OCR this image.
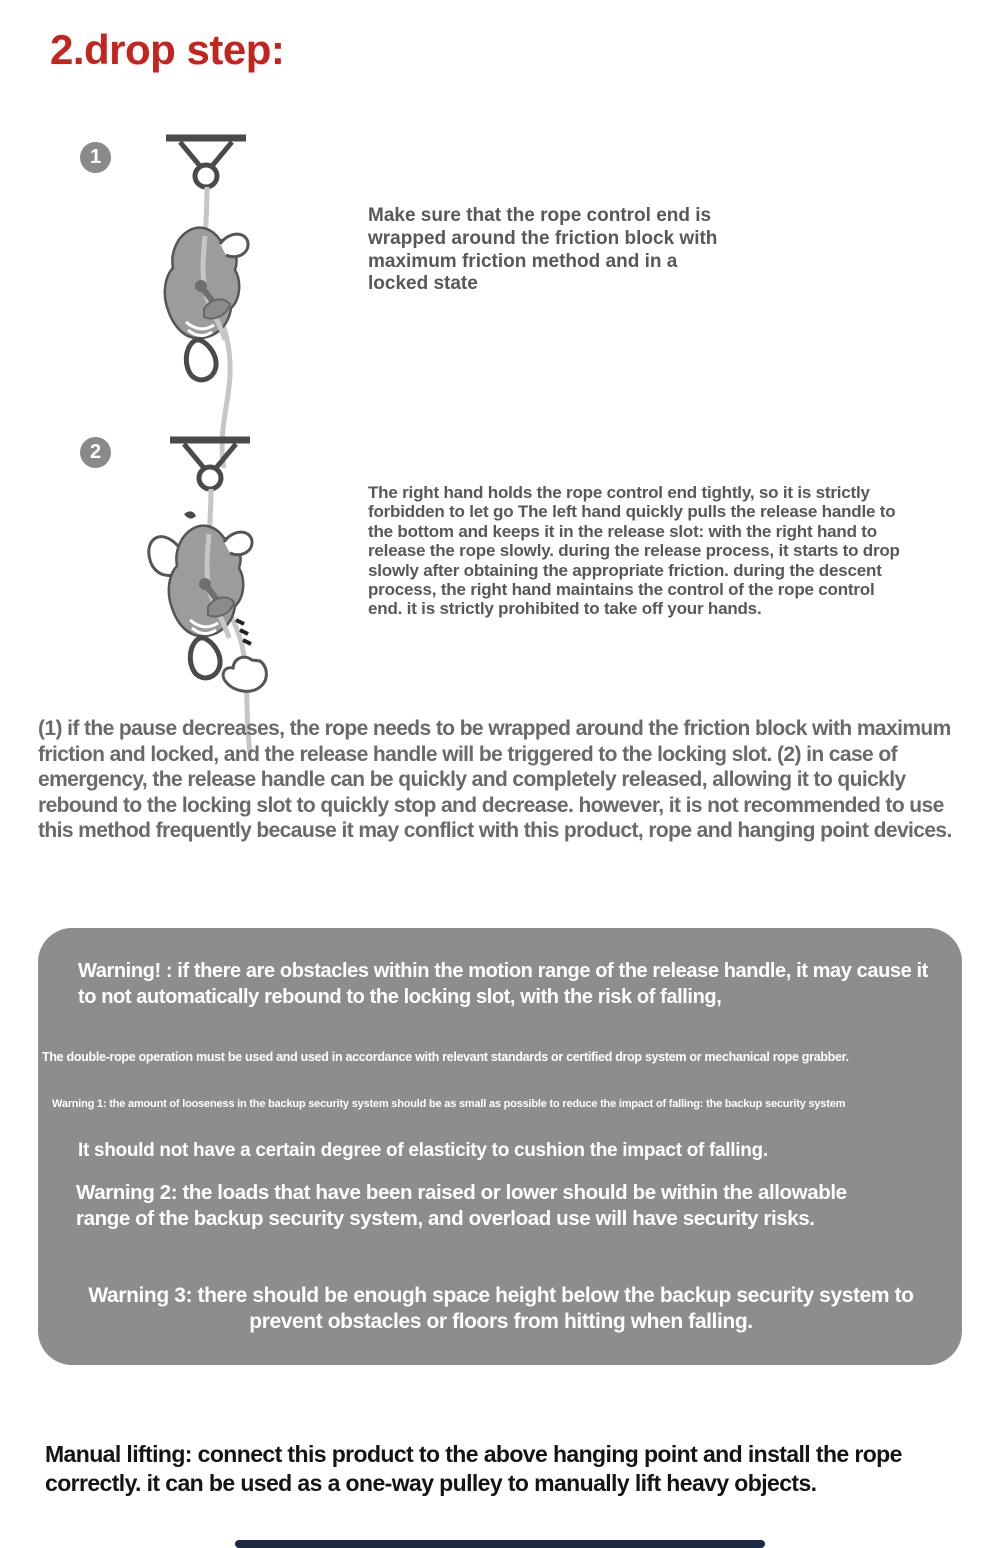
2.drop step:
1
Make sure that the rope control end is wrapped around the friction block with maximum friction method and in a locked state
2
The right hand holds the rope control end tightly, so it is strictly forbidden to let go The left hand quickly pulls the release handle to the bottom and keeps it in the release slot: with the right hand to release the rope slowly. during the release process, it starts to drop slowly after obtaining the appropriate friction. during the descent process, the right hand maintains the control of the rope control end. it is strictly prohibited to take off your hands.
(1) if the pause decreases, the rope needs to be wrapped around the friction block with maximum friction and locked, and the release handle will be triggered to the locking slot. (2) in case of emergency, the release handle can be quickly and completely released, allowing it to quickly rebound to the locking slot to quickly stop and decrease. however, it is not recommended to use this method frequently because it may conflict with this product, rope and hanging point devices.
Warning! : if there are obstacles within the motion range of the release handle, it may cause it to not automatically rebound to the locking slot, with the risk of falling,
The double-rope operation must be used and used in accordance with relevant standards or certified drop system or mechanical rope grabber.
Warning 1: the amount of looseness in the backup security system should be as small as possible to reduce the impact of falling: the backup security system
It should not have a certain degree of elasticity to cushion the impact of falling.
Warning 2: the loads that have been raised or lower should be within the allowable range of the backup security system, and overload use will have security risks.
Warning 3: there should be enough space height below the backup security system to prevent obstacles or floors from hitting when falling.
Manual lifting: connect this product to the above hanging point and install the rope correctly. it can be used as a one-way pulley to manually lift heavy objects.
